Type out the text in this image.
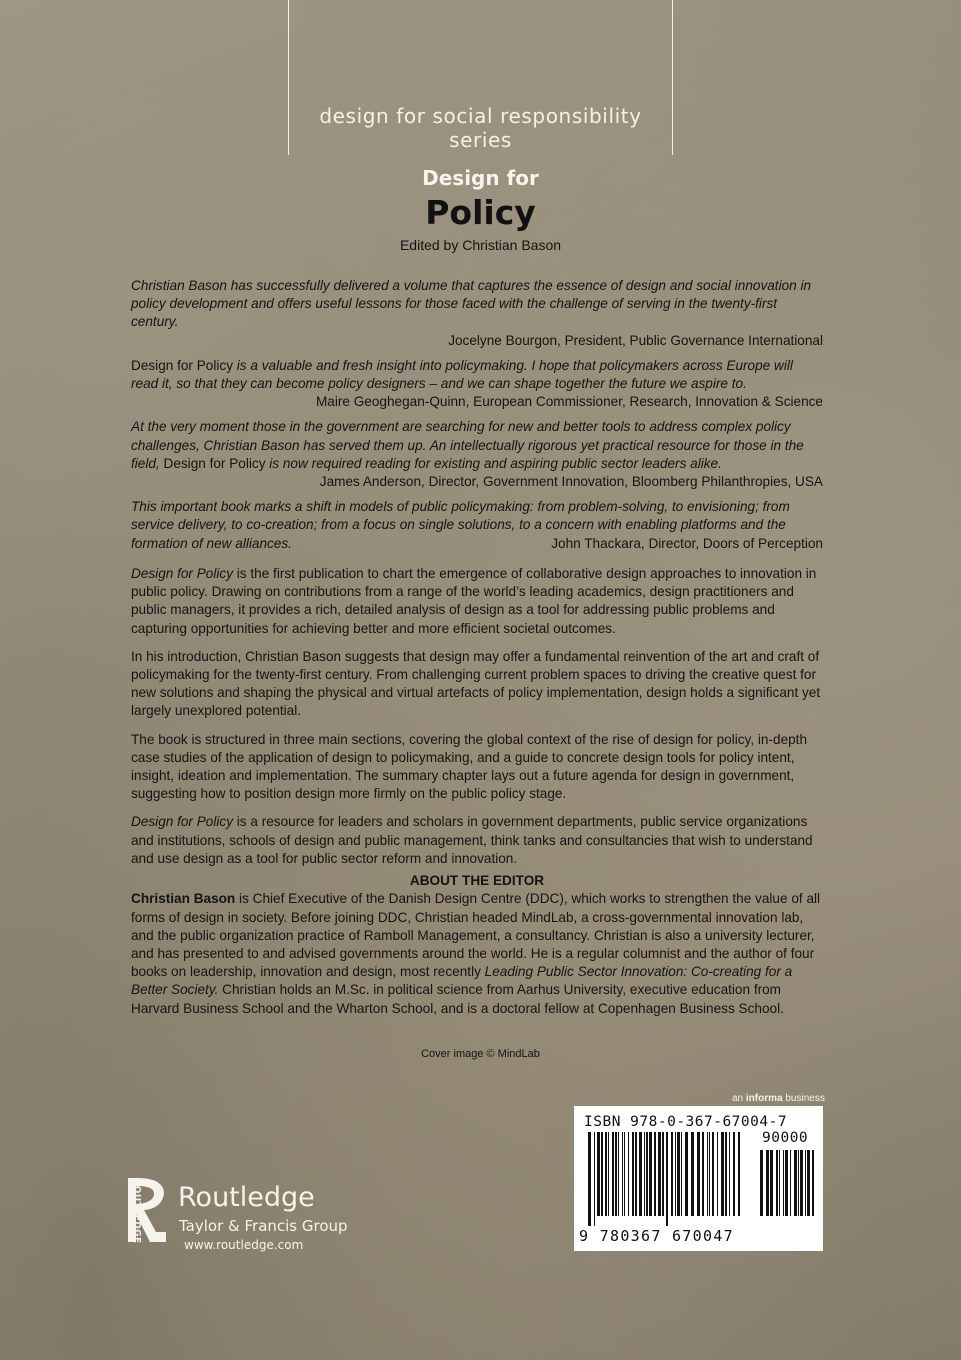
design for social responsibility series
Design for
Policy
Edited by Christian Bason

Christian Bason has successfully delivered a volume that captures the essence of design and social innovation in policy development and offers useful lessons for those faced with the challenge of serving in the twenty-first century.

Jocelyne Bourgon, President, Public Governance International

Design for Policy is a valuable and fresh insight into policymaking. I hope that policymakers across Europe will read it, so that they can become policy designers – and we can shape together the future we aspire to.

Maire Geoghegan-Quinn, European Commissioner, Research, Innovation & Science

At the very moment those in the government are searching for new and better tools to address complex policy challenges, Christian Bason has served them up. An intellectually rigorous yet practical resource for those in the field, Design for Policy is now required reading for existing and aspiring public sector leaders alike.

James Anderson, Director, Government Innovation, Bloomberg Philanthropies, USA

This important book marks a shift in models of public policymaking: from problem-solving, to envisioning; from service delivery, to co-creation; from a focus on single solutions, to a concern with enabling platforms and the formation of new alliances.	John Thackara, Director, Doors of Perception

Design for Policy is the first publication to chart the emergence of collaborative design approaches to innovation in public policy. Drawing on contributions from a range of the world’s leading academics, design practitioners and public managers, it provides a rich, detailed analysis of design as a tool for addressing public problems and capturing opportunities for achieving better and more efficient societal outcomes.

In his introduction, Christian Bason suggests that design may offer a fundamental reinvention of the art and craft of policymaking for the twenty-first century. From challenging current problem spaces to driving the creative quest for new solutions and shaping the physical and virtual artefacts of policy implementation, design holds a significant yet largely unexplored potential.

The book is structured in three main sections, covering the global context of the rise of design for policy, in-depth case studies of the application of design to policymaking, and a guide to concrete design tools for policy intent, insight, ideation and implementation. The summary chapter lays out a future agenda for design in government, suggesting how to position design more firmly on the public policy stage.

Design for Policy is a resource for leaders and scholars in government departments, public service organizations and institutions, schools of design and public management, think tanks and consultancies that wish to understand and use design as a tool for public sector reform and innovation.

ABOUT THE EDITOR

Christian Bason is Chief Executive of the Danish Design Centre (DDC), which works to strengthen the value of all forms of design in society. Before joining DDC, Christian headed MindLab, a cross-governmental innovation lab, and the public organization practice of Ramboll Management, a consultancy. Christian is also a university lecturer, and has presented to and advised governments around the world. He is a regular columnist and the author of four books on leadership, innovation and design, most recently Leading Public Sector Innovation: Co-creating for a Better Society. Christian holds an M.Sc. in political science from Aarhus University, executive education from Harvard Business School and the Wharton School, and is a doctoral fellow at Copenhagen Business School.

Cover image © MindLab
an informa business
ISBN 978-0-367-67004-7
90000
9 780367 670047
ROUTLEDGE Routledge
Taylor & Francis Group
www.routledge.com
